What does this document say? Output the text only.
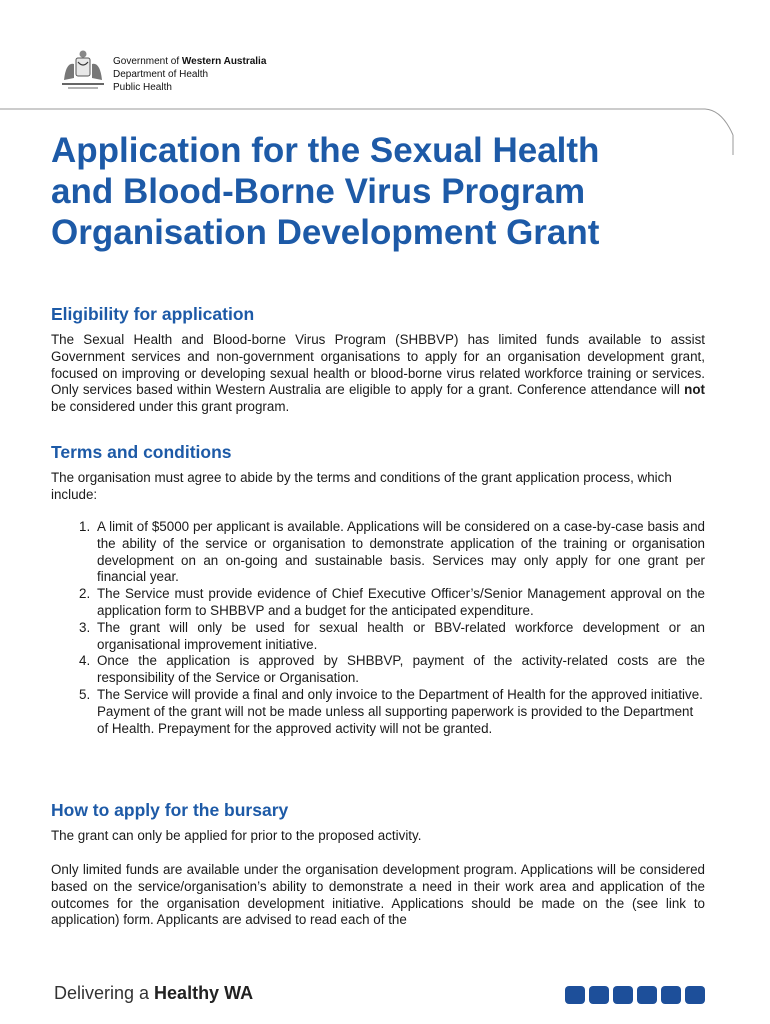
Government of Western Australia
Department of Health
Public Health
Application for the Sexual Health
and Blood-Borne Virus Program
Organisation Development Grant
Eligibility for application

The Sexual Health and Blood-borne Virus Program (SHBBVP) has limited funds available to assist Government services and non-government organisations to apply for an organisation development grant, focused on improving or developing sexual health or blood-borne virus related workforce training or services. Only services based within Western Australia are eligible to apply for a grant. Conference attendance will not be considered under this grant program.

Terms and conditions

The organisation must agree to abide by the terms and conditions of the grant application process, which include:

1. A limit of $5000 per applicant is available. Applications will be considered on a case-by-case basis and the ability of the service or organisation to demonstrate application of the training or organisation development on an on-going and sustainable basis. Services may only apply for one grant per financial year.
2. The Service must provide evidence of Chief Executive Officer’s/Senior Management approval on the application form to SHBBVP and a budget for the anticipated expenditure.
3. The grant will only be used for sexual health or BBV-related workforce development or an organisational improvement initiative.
4. Once the application is approved by SHBBVP, payment of the activity-related costs are the responsibility of the Service or Organisation.
5. The Service will provide a final and only invoice to the Department of Health for the approved initiative. Payment of the grant will not be made unless all supporting paperwork is provided to the Department of Health. Prepayment for the approved activity will not be granted.
How to apply for the bursary

The grant can only be applied for prior to the proposed activity.

Only limited funds are available under the organisation development program. Applications will be considered based on the service/organisation’s ability to demonstrate a need in their work area and application of the outcomes for the organisation development initiative. Applications should be made on the (see link to application) form. Applicants are advised to read each of the

Delivering a Healthy WA
